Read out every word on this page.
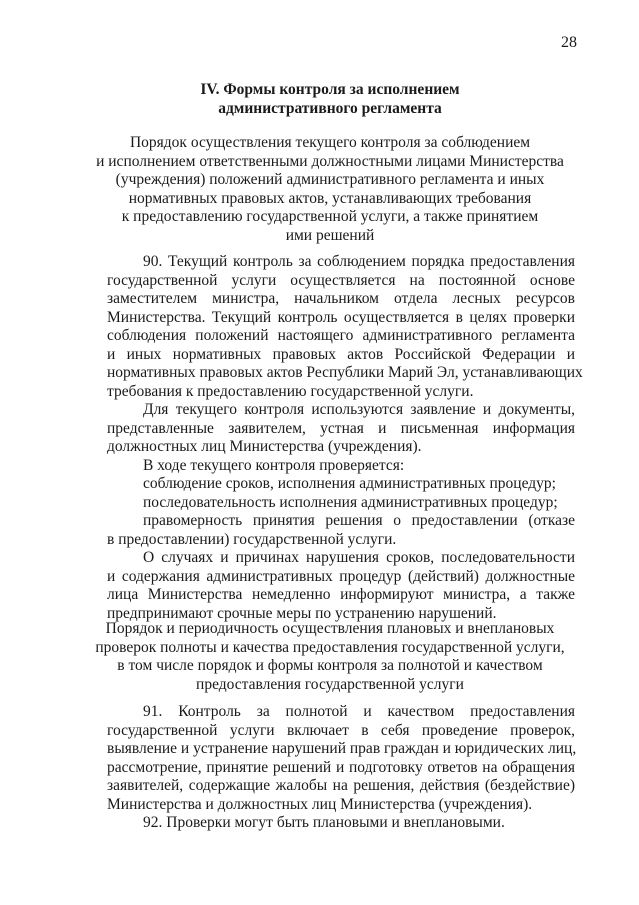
28
IV. Формы контроля за исполнением
административного регламента
Порядок осуществления текущего контроля за соблюдением
и исполнением ответственными должностными лицами Министерства
(учреждения) положений административного регламента и иных
нормативных правовых актов, устанавливающих требования
к предоставлению государственной услуги, а также принятием
ими решений
90. Текущий контроль за соблюдением порядка предоставления
государственной услуги осуществляется на постоянной основе
заместителем министра, начальником отдела лесных ресурсов
Министерства. Текущий контроль осуществляется в целях проверки
соблюдения положений настоящего административного регламента
и иных нормативных правовых актов Российской Федерации и
нормативных правовых актов Республики Марий Эл, устанавливающих
требования к предоставлению государственной услуги.
Для текущего контроля используются заявление и документы,
представленные заявителем, устная и письменная информация
должностных лиц Министерства (учреждения).
В ходе текущего контроля проверяется:
соблюдение сроков, исполнения административных процедур;
последовательность исполнения административных процедур;
правомерность принятия решения о предоставлении (отказе
в предоставлении) государственной услуги.
О случаях и причинах нарушения сроков, последовательности
и содержания административных процедур (действий) должностные
лица Министерства немедленно информируют министра, а также
предпринимают срочные меры по устранению нарушений.
Порядок и периодичность осуществления плановых и внеплановых
проверок полноты и качества предоставления государственной услуги,
в том числе порядок и формы контроля за полнотой и качеством
предоставления государственной услуги
91. Контроль за полнотой и качеством предоставления
государственной услуги включает в себя проведение проверок,
выявление и устранение нарушений прав граждан и юридических лиц,
рассмотрение, принятие решений и подготовку ответов на обращения
заявителей, содержащие жалобы на решения, действия (бездействие)
Министерства и должностных лиц Министерства (учреждения).
92. Проверки могут быть плановыми и внеплановыми.
